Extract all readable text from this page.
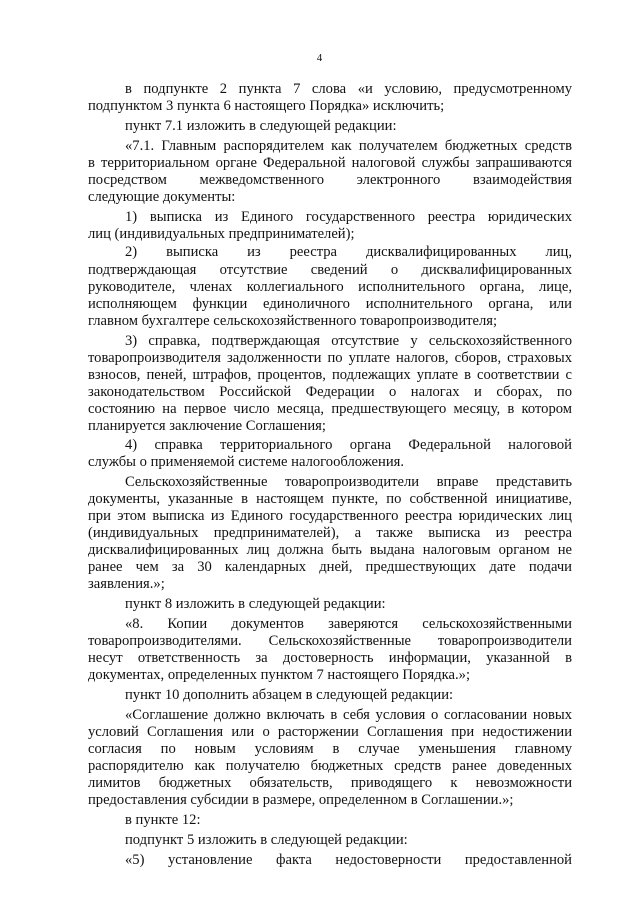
4
в подпункте 2 пункта 7 слова «и условию, предусмотренному
подпунктом 3 пункта 6 настоящего Порядка» исключить;
пункт 7.1 изложить в следующей редакции:
«7.1. Главным распорядителем как получателем бюджетных средств
в территориальном органе Федеральной налоговой службы запрашиваются
посредством межведомственного электронного взаимодействия
следующие документы:
1) выписка из Единого государственного реестра юридических
лиц (индивидуальных предпринимателей);
2) выписка из реестра дисквалифицированных лиц,
подтверждающая отсутствие сведений о дисквалифицированных
руководителе, членах коллегиального исполнительного органа, лице,
исполняющем функции единоличного исполнительного органа, или
главном бухгалтере сельскохозяйственного товаропроизводителя;
3) справка, подтверждающая отсутствие у сельскохозяйственного
товаропроизводителя задолженности по уплате налогов, сборов, страховых
взносов, пеней, штрафов, процентов, подлежащих уплате в соответствии с
законодательством Российской Федерации о налогах и сборах, по
состоянию на первое число месяца, предшествующего месяцу, в котором
планируется заключение Соглашения;
4) справка территориального органа Федеральной налоговой
службы о применяемой системе налогообложения.
Сельскохозяйственные товаропроизводители вправе представить
документы, указанные в настоящем пункте, по собственной инициативе,
при этом выписка из Единого государственного реестра юридических лиц
(индивидуальных предпринимателей), а также выписка из реестра
дисквалифицированных лиц должна быть выдана налоговым органом не
ранее чем за 30 календарных дней, предшествующих дате подачи
заявления.»;
пункт 8 изложить в следующей редакции:
«8. Копии документов заверяются сельскохозяйственными
товаропроизводителями. Сельскохозяйственные товаропроизводители
несут ответственность за достоверность информации, указанной в
документах, определенных пунктом 7 настоящего Порядка.»;
пункт 10 дополнить абзацем в следующей редакции:
«Соглашение должно включать в себя условия о согласовании новых
условий Соглашения или о расторжении Соглашения при недостижении
согласия по новым условиям в случае уменьшения главному
распорядителю как получателю бюджетных средств ранее доведенных
лимитов бюджетных обязательств, приводящего к невозможности
предоставления субсидии в размере, определенном в Соглашении.»;
в пункте 12:
подпункт 5 изложить в следующей редакции:
«5) установление факта недостоверности предоставленной
